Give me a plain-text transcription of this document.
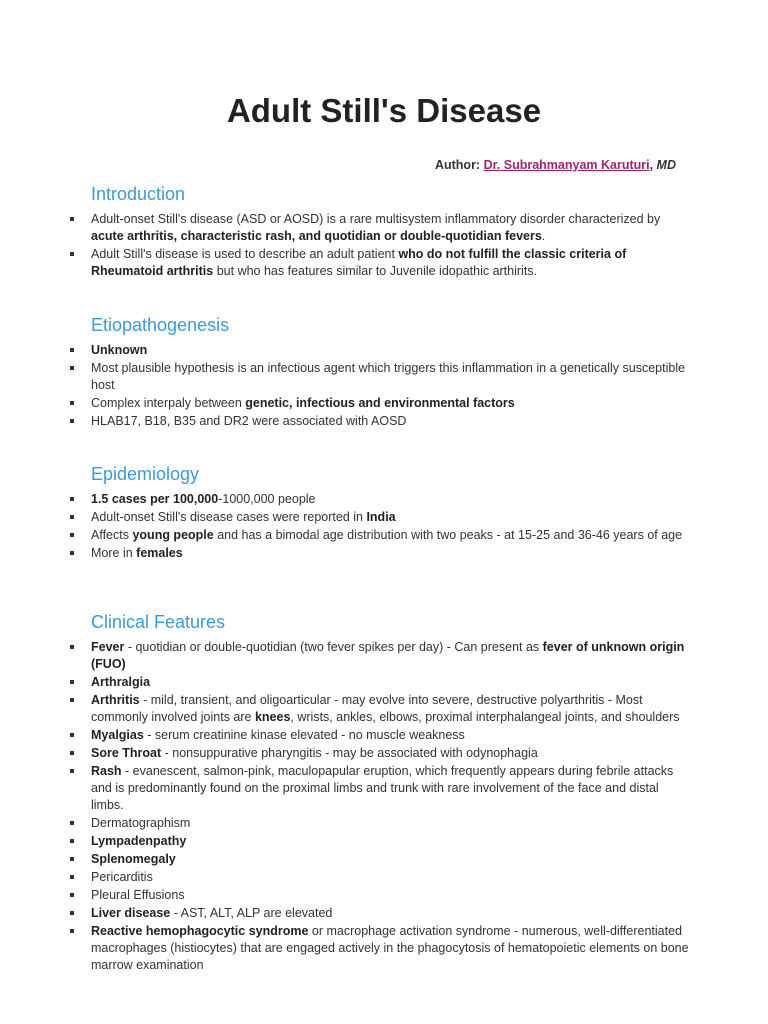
Adult Still's Disease
Author: Dr. Subrahmanyam Karuturi, MD
Introduction
Adult-onset Still's disease (ASD or AOSD) is a rare multisystem inflammatory disorder characterized by acute arthritis, characteristic rash, and quotidian or double-quotidian fevers.
Adult Still's disease is used to describe an adult patient who do not fulfill the classic criteria of Rheumatoid arthritis but who has features similar to Juvenile idopathic arthirits.
Etiopathogenesis
Unknown
Most plausible hypothesis is an infectious agent which triggers this inflammation in a genetically susceptible host
Complex interpaly between genetic, infectious and environmental factors
HLAB17, B18, B35 and DR2 were associated with AOSD
Epidemiology
1.5 cases per 100,000-1000,000 people
Adult-onset Still's disease cases were reported in India
Affects young people and has a bimodal age distribution with two peaks - at 15-25 and 36-46 years of age
More in females
Clinical Features
Fever - quotidian or double-quotidian (two fever spikes per day) - Can present as fever of unknown origin (FUO)
Arthralgia
Arthritis - mild, transient, and oligoarticular - may evolve into severe, destructive polyarthritis - Most commonly involved joints are knees, wrists, ankles, elbows, proximal interphalangeal joints, and shoulders
Myalgias - serum creatinine kinase elevated - no muscle weakness
Sore Throat - nonsuppurative pharyngitis - may be associated with odynophagia
Rash - evanescent, salmon-pink, maculopapular eruption, which frequently appears during febrile attacks and is predominantly found on the proximal limbs and trunk with rare involvement of the face and distal limbs.
Dermatographism
Lympadenpathy
Splenomegaly
Pericarditis
Pleural Effusions
Liver disease - AST, ALT, ALP are elevated
Reactive hemophagocytic syndrome or macrophage activation syndrome - numerous, well-differentiated macrophages (histiocytes) that are engaged actively in the phagocytosis of hematopoietic elements on bone marrow examination
